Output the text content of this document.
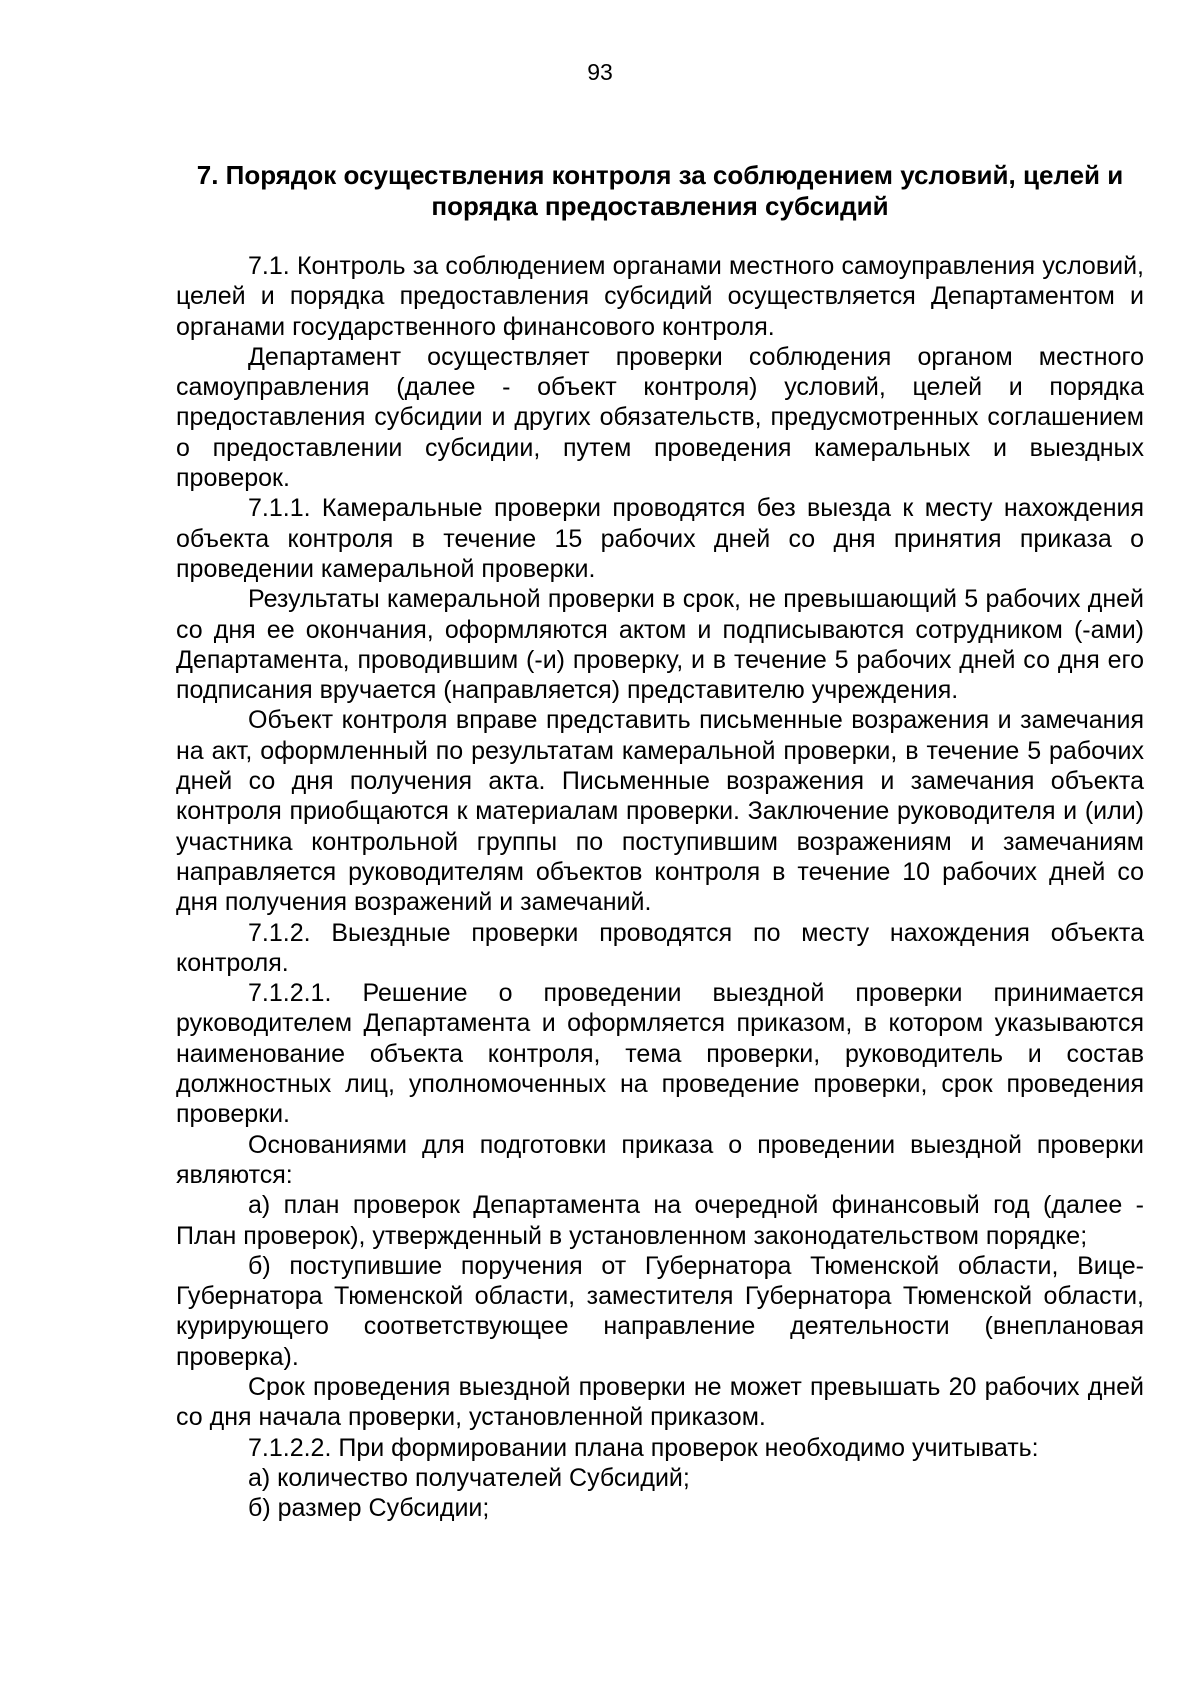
93
7. Порядок осуществления контроля за соблюдением условий, целей и порядка предоставления субсидий

7.1. Контроль за соблюдением органами местного самоуправления условий, целей и порядка предоставления субсидий осуществляется Департаментом и органами государственного финансового контроля.

Департамент осуществляет проверки соблюдения органом местного самоуправления (далее - объект контроля) условий, целей и порядка предоставления субсидии и других обязательств, предусмотренных соглашением о предоставлении субсидии, путем проведения камеральных и выездных проверок.

7.1.1. Камеральные проверки проводятся без выезда к месту нахождения объекта контроля в течение 15 рабочих дней со дня принятия приказа о проведении камеральной проверки.

Результаты камеральной проверки в срок, не превышающий 5 рабочих дней со дня ее окончания, оформляются актом и подписываются сотрудником (-ами) Департамента, проводившим (-и) проверку, и в течение 5 рабочих дней со дня его подписания вручается (направляется) представителю учреждения.

Объект контроля вправе представить письменные возражения и замечания на акт, оформленный по результатам камеральной проверки, в течение 5 рабочих дней со дня получения акта. Письменные возражения и замечания объекта контроля приобщаются к материалам проверки. Заключение руководителя и (или) участника контрольной группы по поступившим возражениям и замечаниям направляется руководителям объектов контроля в течение 10 рабочих дней со дня получения возражений и замечаний.

7.1.2. Выездные проверки проводятся по месту нахождения объекта контроля.

7.1.2.1. Решение о проведении выездной проверки принимается руководителем Департамента и оформляется приказом, в котором указываются наименование объекта контроля, тема проверки, руководитель и состав должностных лиц, уполномоченных на проведение проверки, срок проведения проверки.

Основаниями для подготовки приказа о проведении выездной проверки являются:

а) план проверок Департамента на очередной финансовый год (далее - План проверок), утвержденный в установленном законодательством порядке;

б) поступившие поручения от Губернатора Тюменской области, Вице-Губернатора Тюменской области, заместителя Губернатора Тюменской области, курирующего соответствующее направление деятельности (внеплановая проверка).

Срок проведения выездной проверки не может превышать 20 рабочих дней со дня начала проверки, установленной приказом.

7.1.2.2. При формировании плана проверок необходимо учитывать:

а) количество получателей Субсидий;

б) размер Субсидии;
